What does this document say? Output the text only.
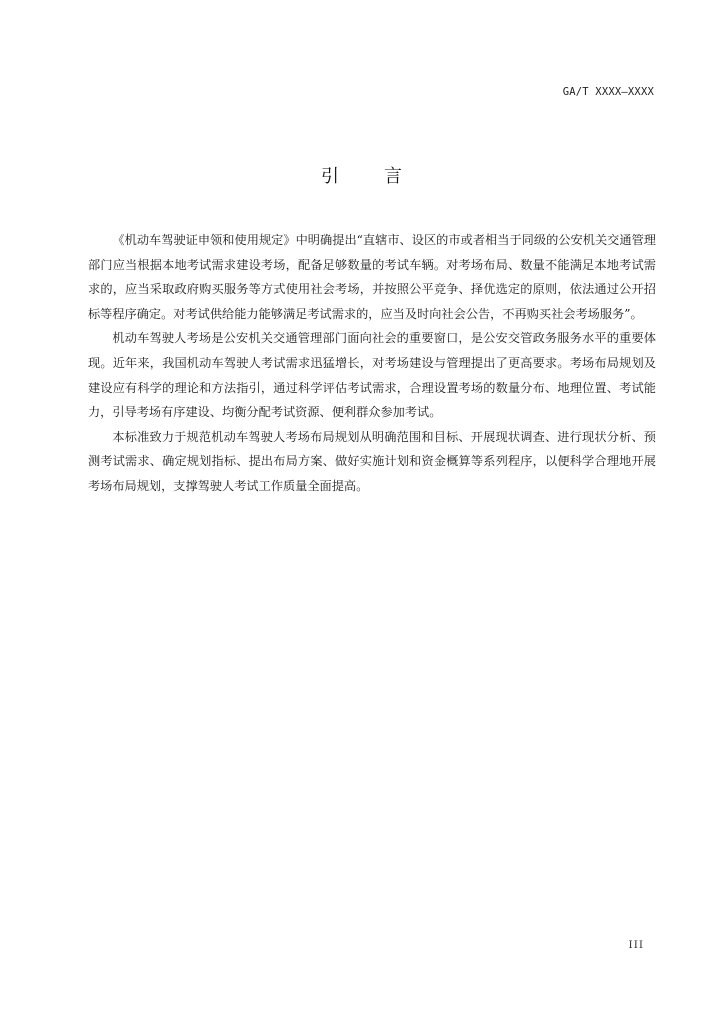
GA/T XXXX—XXXX
引 言

《机动车驾驶证申领和使用规定》中明确提出“直辖市、设区的市或者相当于同级的公安机关交通管理部门应当根据本地考试需求建设考场，配备足够数量的考试车辆。对考场布局、数量不能满足本地考试需求的，应当采取政府购买服务等方式使用社会考场，并按照公平竞争、择优选定的原则，依法通过公开招标等程序确定。对考试供给能力能够满足考试需求的，应当及时向社会公告，不再购买社会考场服务”。

机动车驾驶人考场是公安机关交通管理部门面向社会的重要窗口，是公安交管政务服务水平的重要体现。近年来，我国机动车驾驶人考试需求迅猛增长，对考场建设与管理提出了更高要求。考场布局规划及建设应有科学的理论和方法指引，通过科学评估考试需求，合理设置考场的数量分布、地理位置、考试能力，引导考场有序建设、均衡分配考试资源、便利群众参加考试。

本标准致力于规范机动车驾驶人考场布局规划从明确范围和目标、开展现状调查、进行现状分析、预测考试需求、确定规划指标、提出布局方案、做好实施计划和资金概算等系列程序，以便科学合理地开展考场布局规划，支撑驾驶人考试工作质量全面提高。

III
